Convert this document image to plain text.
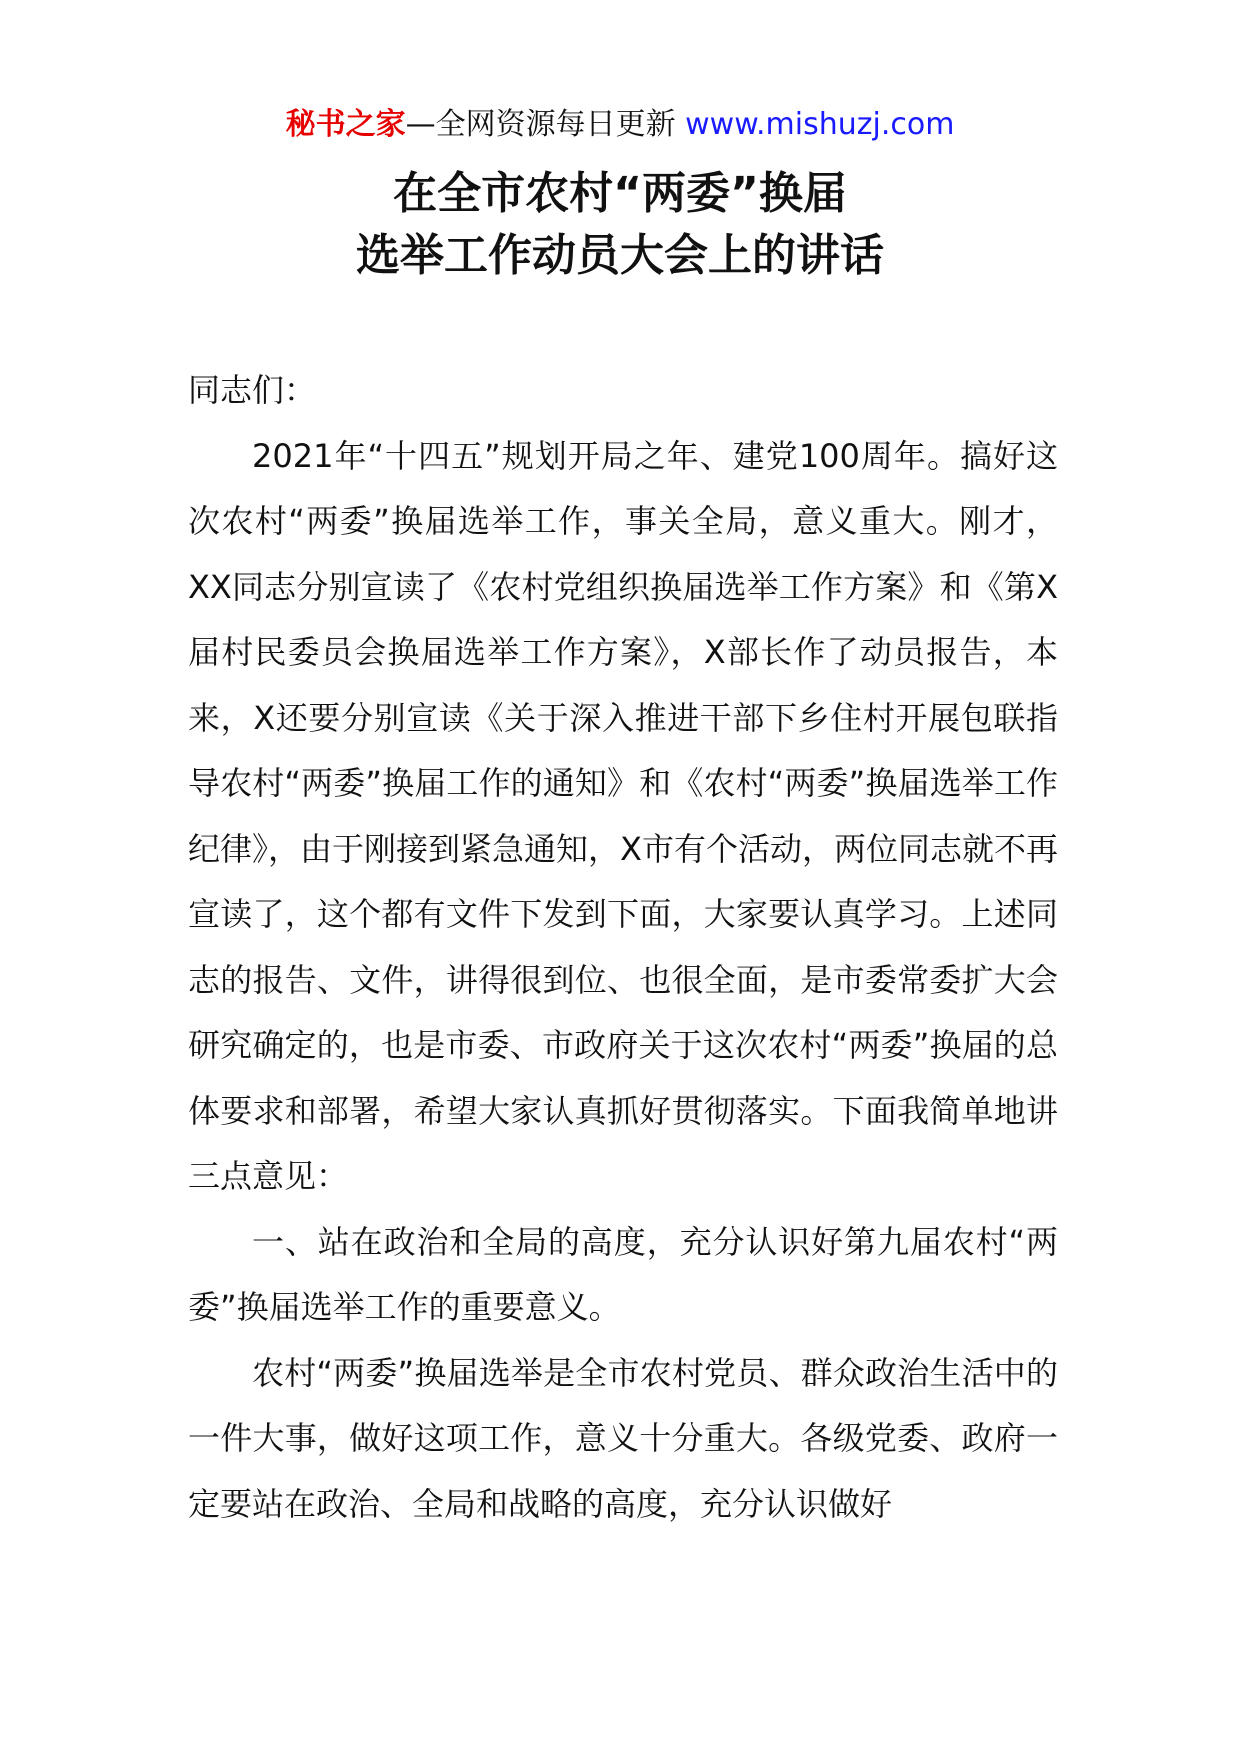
秘书之家—全网资源每日更新 www.mishuzj.com
在全市农村“两委”换届
选举工作动员大会上的讲话

同志们：

2021年“十四五”规划开局之年、建党100周年。搞好这次农村“两委”换届选举工作，事关全局，意义重大。刚才，XX同志分别宣读了《农村党组织换届选举工作方案》和《第X届村民委员会换届选举工作方案》，X部长作了动员报告，本来，X还要分别宣读《关于深入推进干部下乡住村开展包联指导农村“两委”换届工作的通知》和《农村“两委”换届选举工作纪律》，由于刚接到紧急通知，X市有个活动，两位同志就不再宣读了，这个都有文件下发到下面，大家要认真学习。上述同志的报告、文件，讲得很到位、也很全面，是市委常委扩大会研究确定的，也是市委、市政府关于这次农村“两委”换届的总体要求和部署，希望大家认真抓好贯彻落实。下面我简单地讲三点意见：

一、站在政治和全局的高度，充分认识好第九届农村“两委”换届选举工作的重要意义。

农村“两委”换届选举是全市农村党员、群众政治生活中的一件大事，做好这项工作，意义十分重大。各级党委、政府一定要站在政治、全局和战略的高度，充分认识做好
